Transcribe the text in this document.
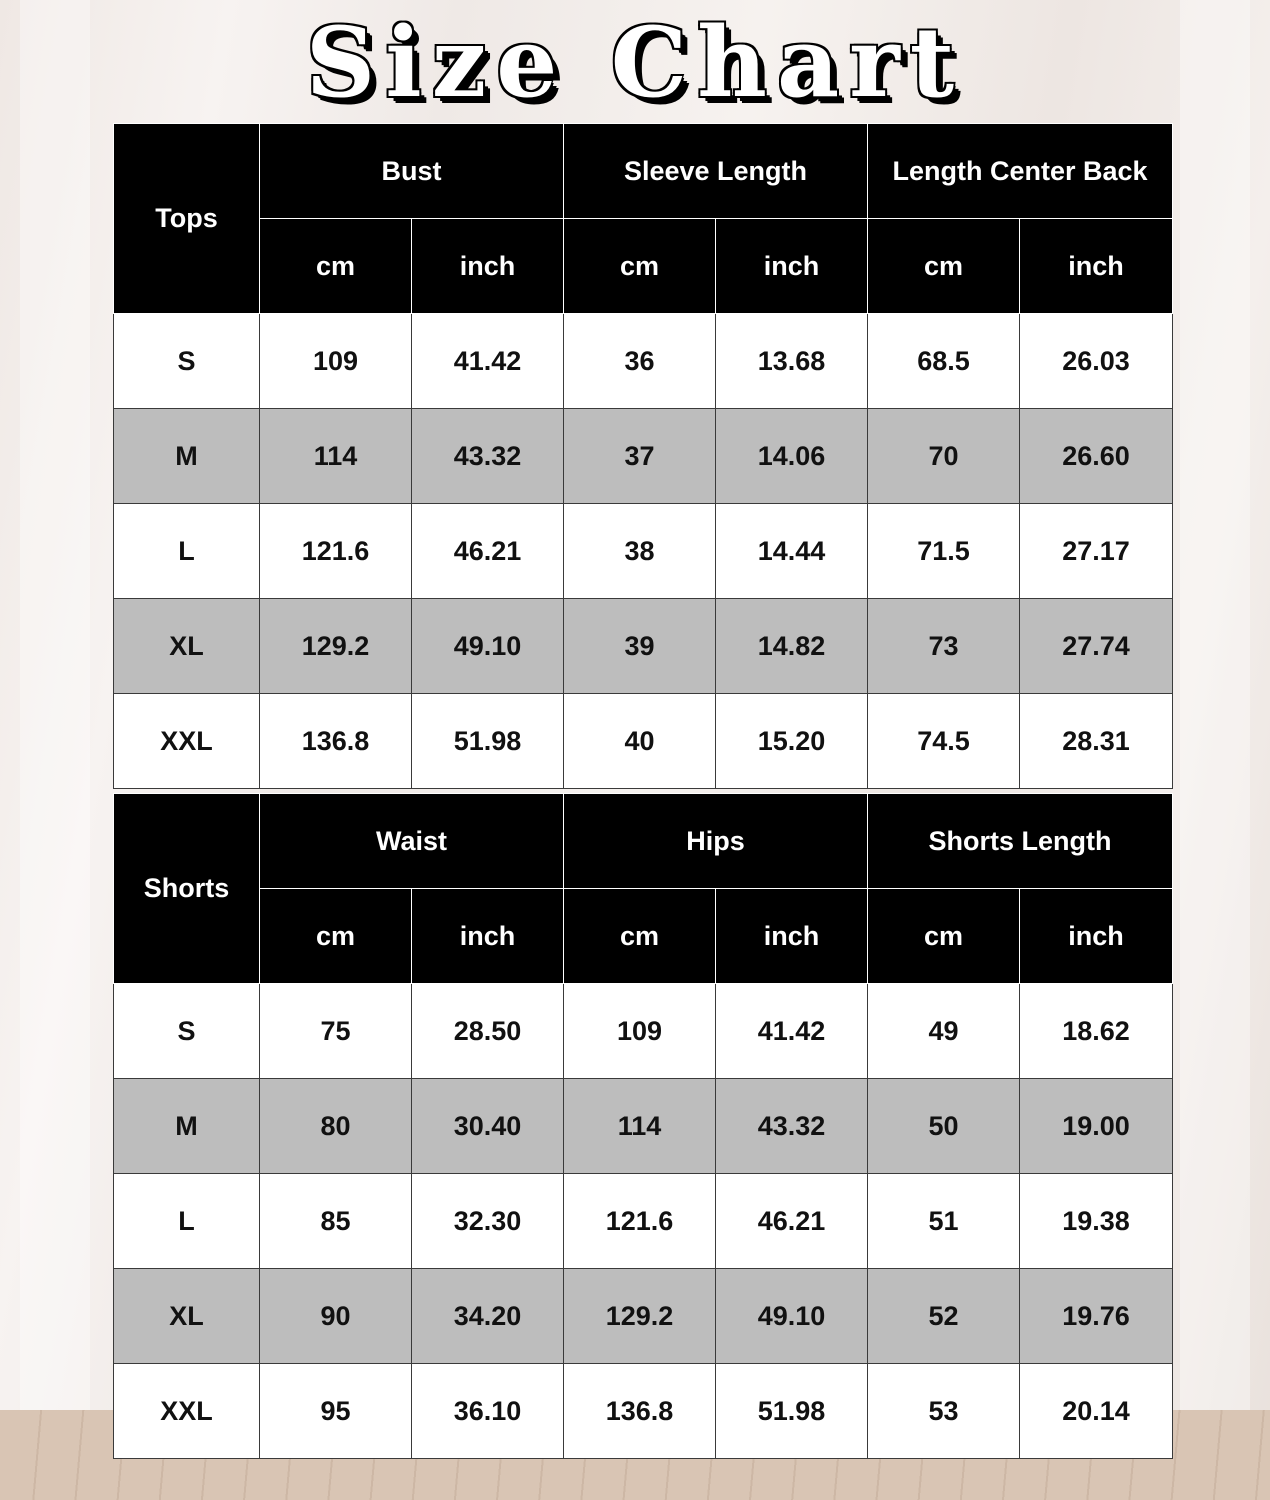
Size Chart
Tops	Bust		Sleeve Length		Length Center Back	
	cm	inch	cm	inch	cm	inch
S	109	41.42	36	13.68	68.5	26.03
M	114	43.32	37	14.06	70	26.60
L	121.6	46.21	38	14.44	71.5	27.17
XL	129.2	49.10	39	14.82	73	27.74
XXL	136.8	51.98	40	15.20	74.5	28.31
Shorts	Waist		Hips		Shorts Length	
	cm	inch	cm	inch	cm	inch
S	75	28.50	109	41.42	49	18.62
M	80	30.40	114	43.32	50	19.00
L	85	32.30	121.6	46.21	51	19.38
XL	90	34.20	129.2	49.10	52	19.76
XXL	95	36.10	136.8	51.98	53	20.14
